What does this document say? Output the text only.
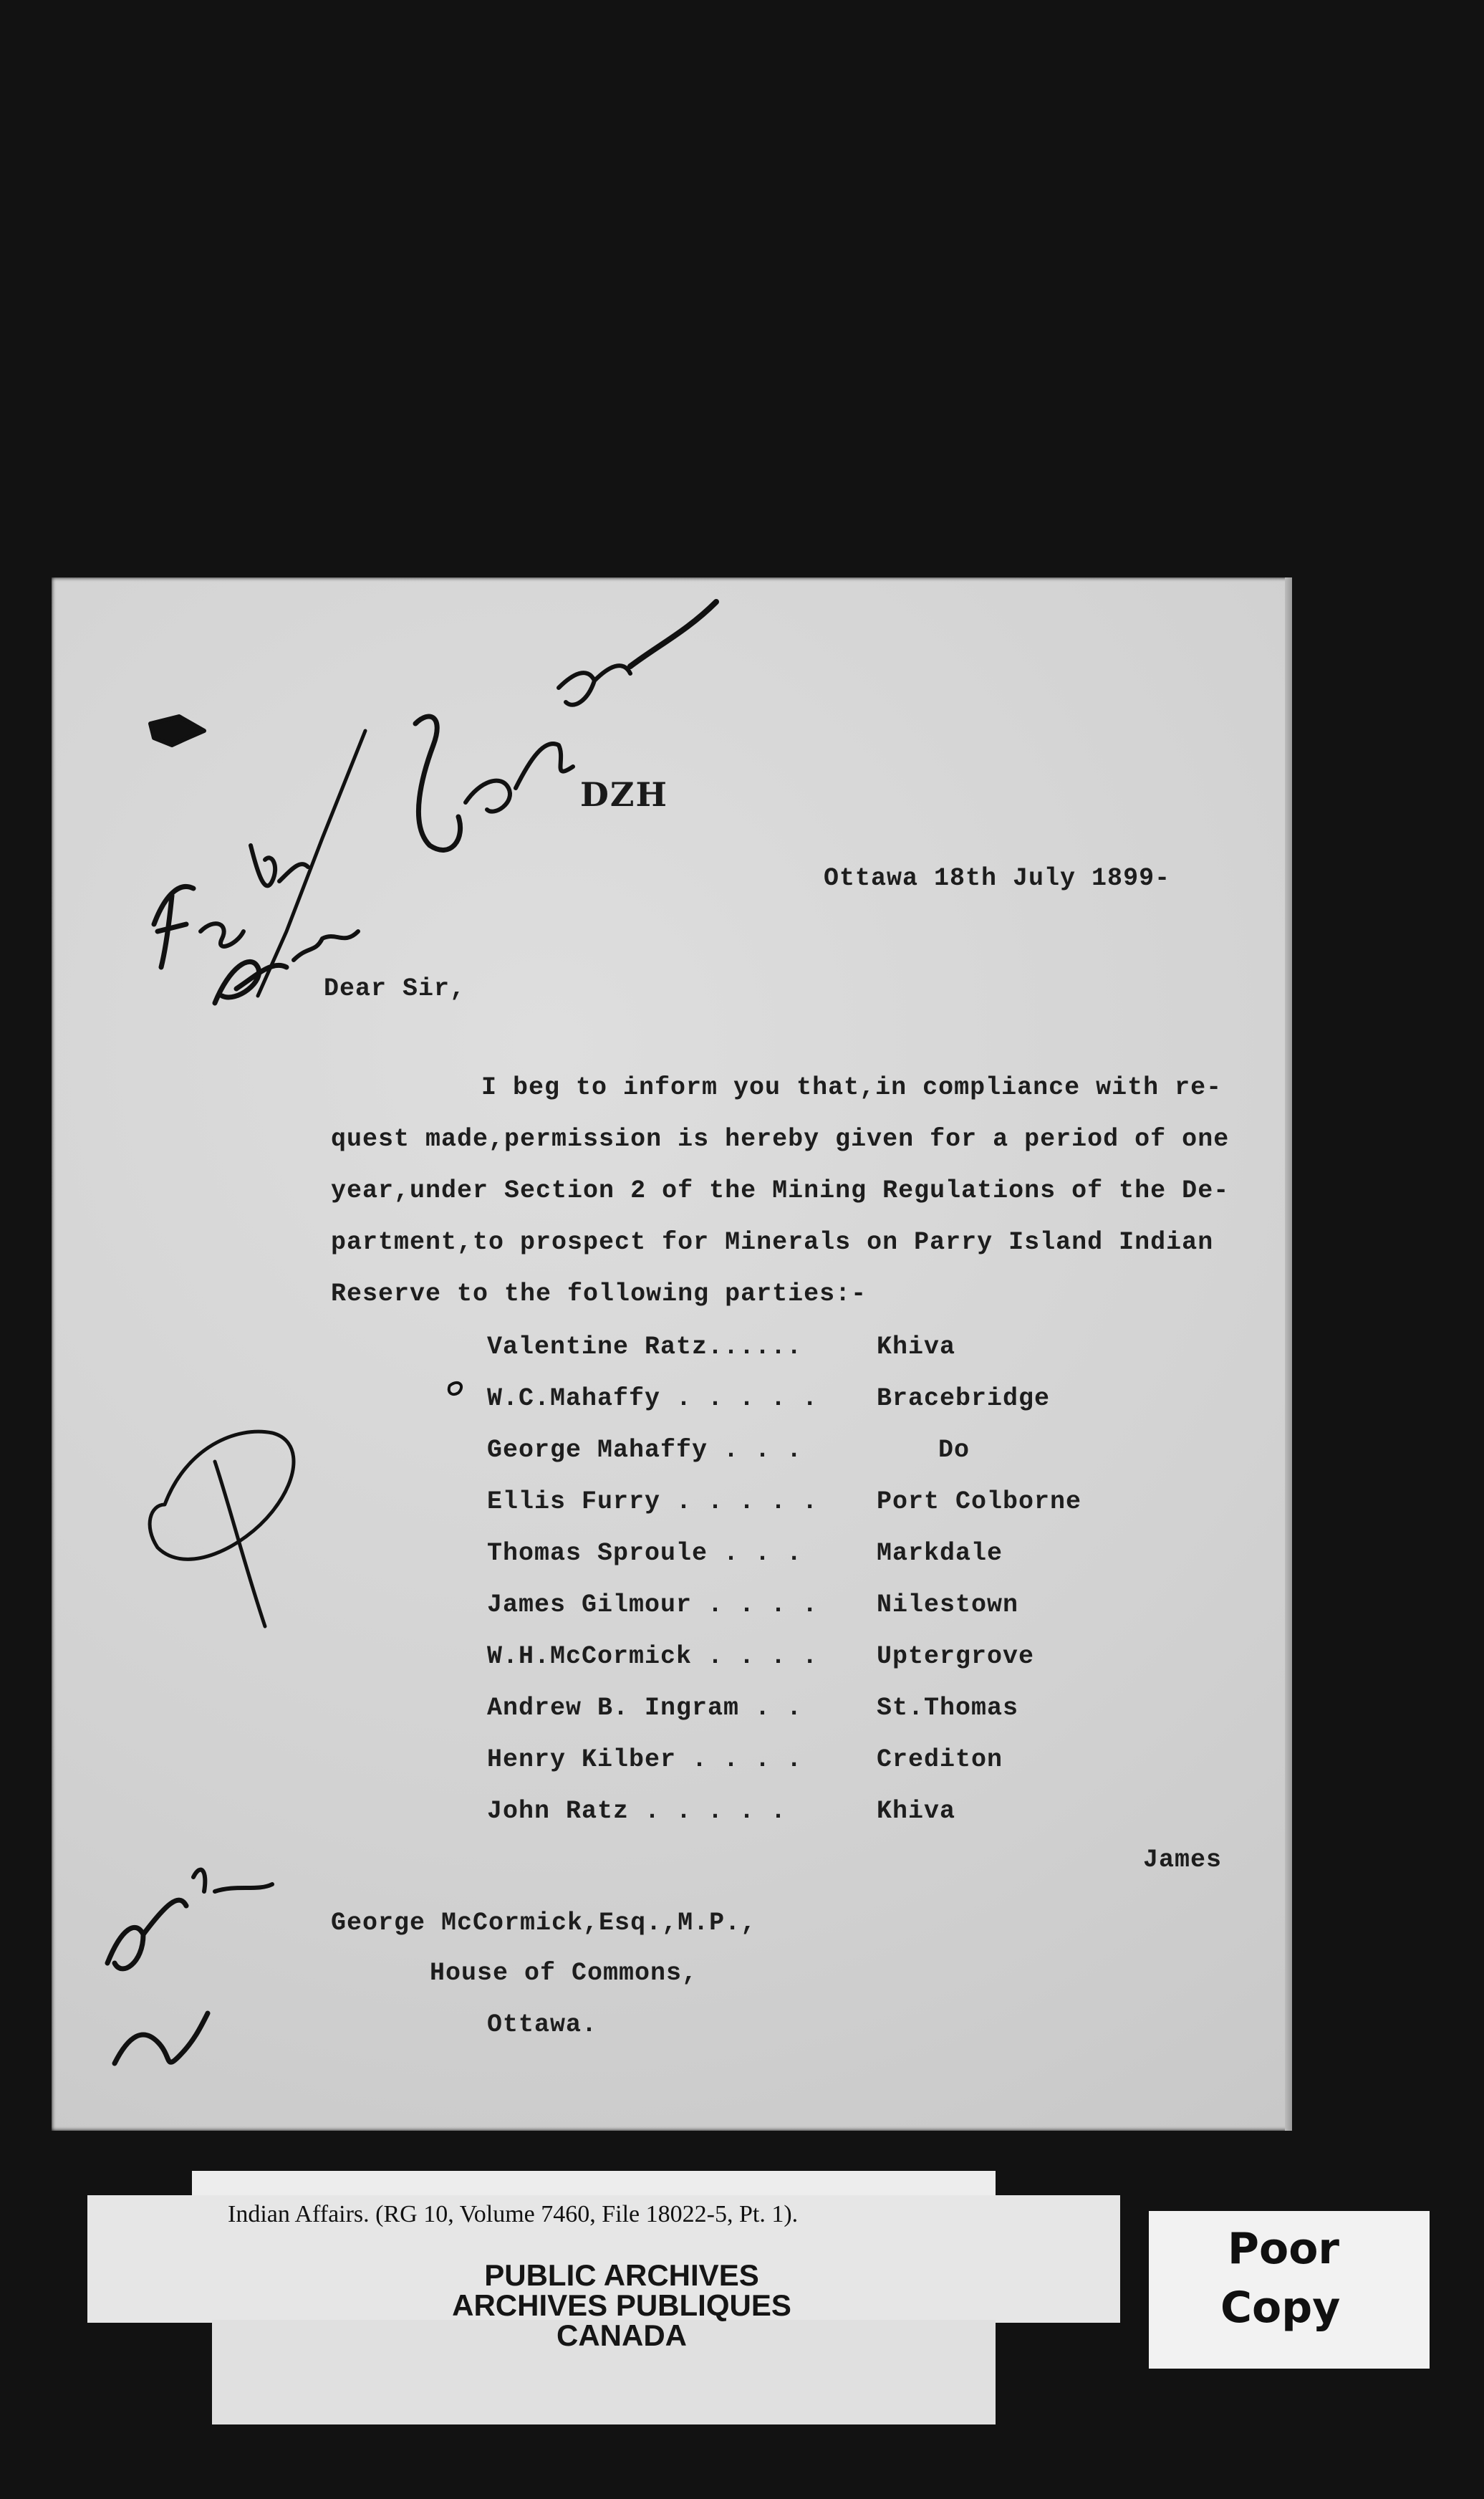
DZH
Ottawa 18th July 1899-
Dear Sir,
I beg to inform you that,in compliance with re-
quest made,permission is hereby given for a period of one
year,under Section 2 of the Mining Regulations of the De-
partment,to prospect for Minerals on Parry Island Indian
Reserve to the following parties:-
Valentine Ratz......	Khiva
W.C.Mahaffy . . . . . Bracebridge
George Mahaffy . . .	Do
Ellis Furry . . . . . Port Colborne
Thomas Sproule . . .	Markdale
James Gilmour . . . . Nilestown
W.H.McCormick . . . . Uptergrove
Andrew B. Ingram . .	St.Thomas
Henry Kilber . . . .	Crediton
John Ratz . . . . .	Khiva
James
George McCormick,Esq.,M.P.,
House of Commons,
Ottawa.
Indian Affairs. (RG 10, Volume 7460, File 18022-5, Pt. 1).
PUBLIC ARCHIVES
ARCHIVES PUBLIQUES
CANADA
Poor
Copy
